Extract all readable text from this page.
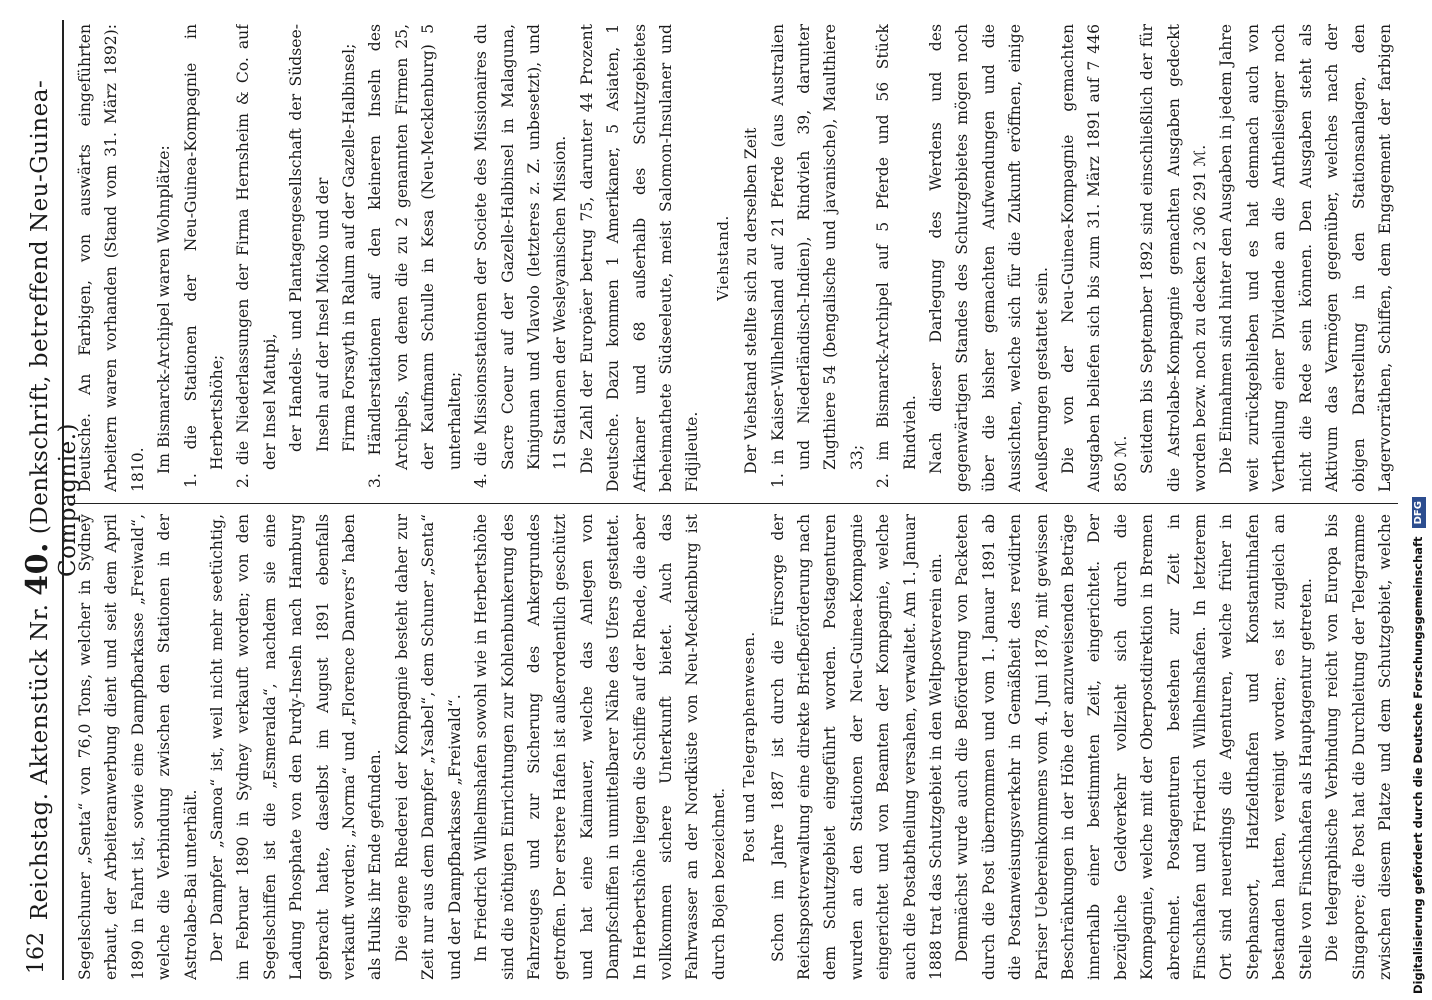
162
Reichstag. Aktenstück Nr. 40. (Denkschrift, betreffend Neu-Guinea-Compagnie.)

Segelschuner „Senta“ von 76,0 Tons, welcher in Sydney erbaut, der Arbeiteranwerbung dient und seit dem April 1890 in Fahrt ist, sowie eine Dampfbarkasse „Freiwald“, welche die Verbindung zwischen den Stationen in der Astrolabe-Bai unterhält. Der Dampfer „Samoa“ ist, weil nicht mehr seetüchtig, im Februar 1890 in Sydney verkauft worden; von den Segelschiffen ist die „Esmeralda“, nachdem sie eine Ladung Phosphate von den Purdy-Inseln nach Hamburg gebracht hatte, daselbst im August 1891 ebenfalls verkauft worden; „Norma“ und „Florence Danvers“ haben als Hulks ihr Ende gefunden. Die eigene Rhederei der Kompagnie besteht daher zur Zeit nur aus dem Dampfer „Ysabel“, dem Schuner „Senta“ und der Dampfbarkasse „Freiwald“. In Friedrich Wilhelmshafen sowohl wie in Herbertshöhe sind die nöthigen Einrichtungen zur Kohlenbunkerung des Fahrzeuges und zur Sicherung des Ankergrundes getroffen. Der erstere Hafen ist außerordentlich geschützt und hat eine Kaimauer, welche das Anlegen von Dampfschiffen in unmittelbarer Nähe des Ufers gestattet. In Herbertshöhe liegen die Schiffe auf der Rhede, die aber vollkommen sichere Unterkunft bietet. Auch das Fahrwasser an der Nordküste von Neu-Mecklenburg ist durch Bojen bezeichnet.

Post und Telegraphenwesen. Schon im Jahre 1887 ist durch die Fürsorge der Reichspostverwaltung eine direkte Briefbeförderung nach dem Schutzgebiet eingeführt worden. Postagenturen wurden an den Stationen der Neu-Guinea-Kompagnie eingerichtet und von Beamten der Kompagnie, welche auch die Postabtheilung versahen, verwaltet. Am 1. Januar 1888 trat das Schutzgebiet in den Weltpostverein ein. Demnächst wurde auch die Beförderung von Packeten durch die Post übernommen und vom 1. Januar 1891 ab die Postanweisungsverkehr in Gemäßheit des revidirten Pariser Uebereinkommens vom 4. Juni 1878, mit gewissen Beschränkungen in der Höhe der anzuweisenden Beträge innerhalb einer bestimmten Zeit, eingerichtet. Der bezügliche Geldverkehr vollzieht sich durch die Kompagnie, welche mit der Oberpostdirektion in Bremen abrechnet. Postagenturen bestehen zur Zeit in Finschhafen und Friedrich Wilhelmshafen. In letzterem Ort sind neuerdings die Agenturen, welche früher in Stephansort, Hatzfeldthafen und Konstantinhafen bestanden hatten, vereinigt worden; es ist zugleich an Stelle von Finschhafen als Hauptagentur getreten. Die telegraphische Verbindung reicht von Europa bis Singapore; die Post hat die Durchleitung der Telegramme zwischen diesem Platze und dem Schutzgebiet, welche

Deutsche. An Farbigen, von auswärts eingeführten Arbeitern waren vorhanden (Stand vom 31. März 1892): 1810. Im Bismarck-Archipel waren Wohnplätze: 1. die Stationen der Neu-Guinea-Kompagnie in Herbertshöhe; 2. die Niederlassungen der Firma Hernsheim & Co. auf der Insel Matupi, der Handels- und Plantagengesellschaft der Südsee-Inseln auf der Insel Mioko und der Firma Forsayth in Ralum auf der Gazelle-Halbinsel; 3. Händlerstationen auf den kleineren Inseln des Archipels, von denen die zu 2 genannten Firmen 25, der Kaufmann Schulle in Kesa (Neu-Mecklenburg) 5 unterhalten; 4. die Missionsstationen der Societe des Missionaires du Sacre Coeur auf der Gazelle-Halbinsel in Malaguna, Kinigunan und Vlavolo (letzteres z. Z. unbesetzt), und 11 Stationen der Wesleyanischen Mission. Die Zahl der Europäer betrug 75, darunter 44 Prozent Deutsche. Dazu kommen 1 Amerikaner, 5 Asiaten, 1 Afrikaner und 68 außerhalb des Schutzgebietes beheimathete Südseeleute, meist Salomon-Insulaner und Fidjileute.

Viehstand. Der Viehstand stellte sich zu derselben Zeit 1. in Kaiser-Wilhelmsland auf 21 Pferde (aus Australien und Niederländisch-Indien), Rindvieh 39, darunter Zugthiere 54 (bengalische und javanische), Maulthiere 33; 2. im Bismarck-Archipel auf 5 Pferde und 56 Stück Rindvieh. Nach dieser Darlegung des Werdens und des gegenwärtigen Standes des Schutzgebietes mögen noch über die bisher gemachten Aufwendungen und die Aussichten, welche sich für die Zukunft eröffnen, einige Aeußerungen gestattet sein. Die von der Neu-Guinea-Kompagnie gemachten Ausgaben beliefen sich bis zum 31. März 1891 auf 7 446 850 ℳ. Seitdem bis September 1892 sind einschließlich der für die Astrolabe-Kompagnie gemachten Ausgaben gedeckt worden bezw. noch zu decken 2 306 291 ℳ. Die Einnahmen sind hinter den Ausgaben in jedem Jahre weit zurückgeblieben und es hat demnach auch von Vertheilung einer Dividende an die Antheilseigner noch nicht die Rede sein können. Den Ausgaben steht als Aktivum das Vermögen gegenüber, welches nach der obigen Darstellung in den Stationsanlagen, den Lagervorräthen, Schiffen, dem Engagement der farbigen

Digitalisierung gefördert durch die Deutsche Forschungsgemeinschaft DFG
